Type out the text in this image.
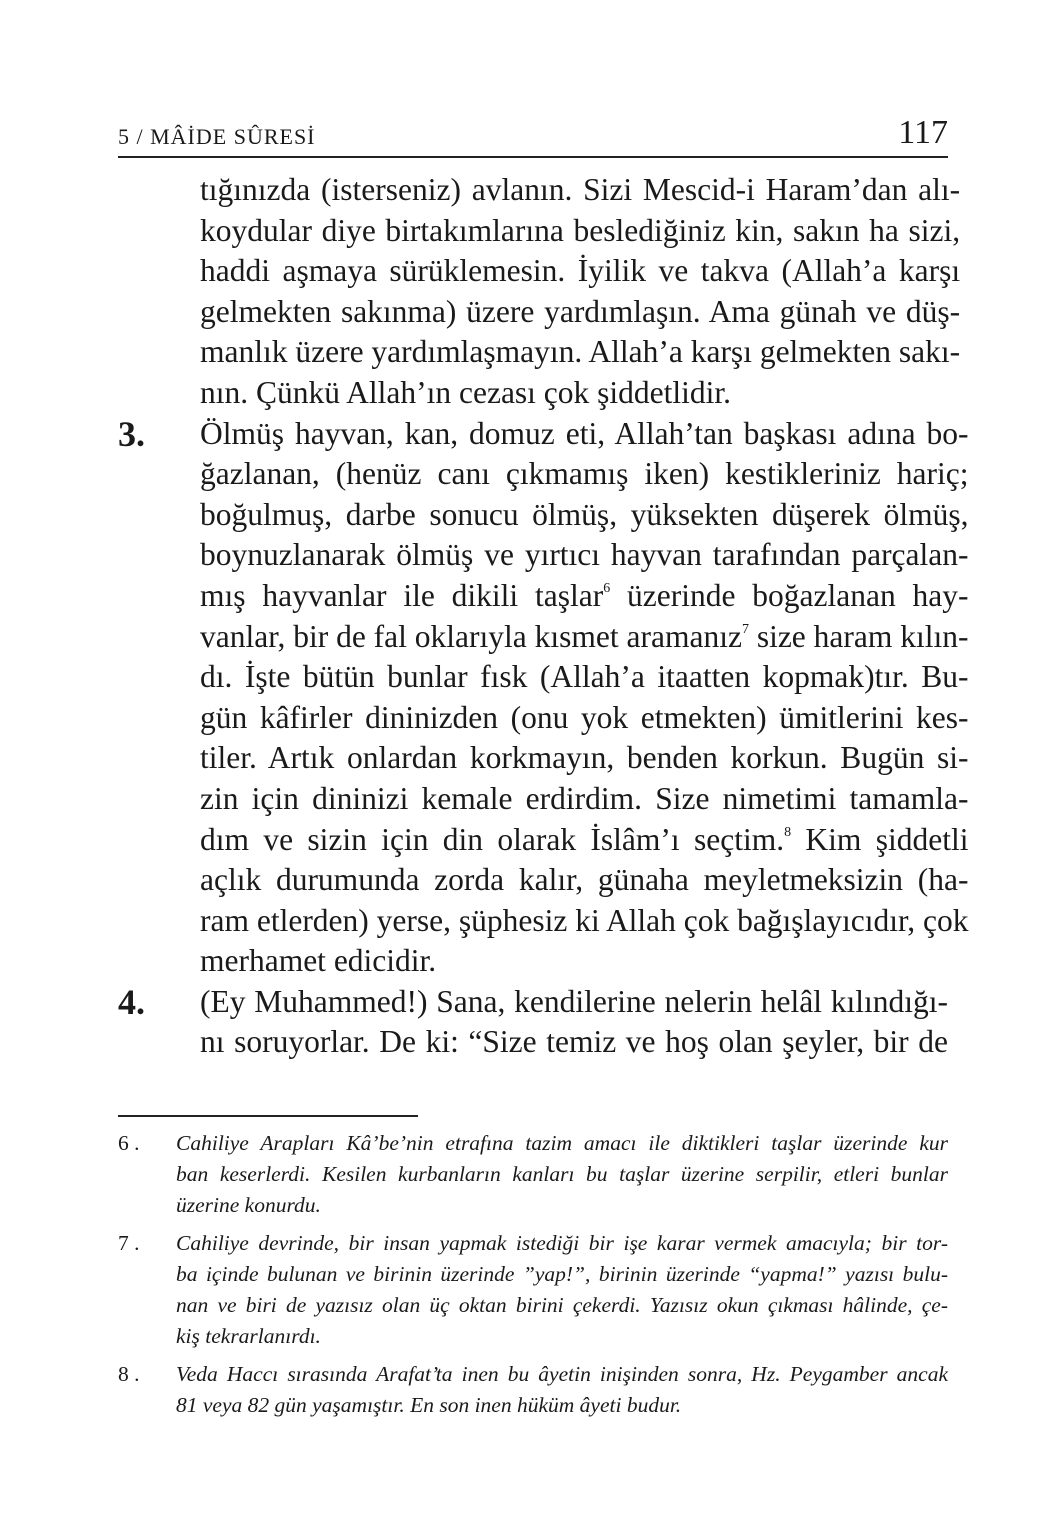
5 / MÂİDE SÛRESİ	117
tığınızda (isterseniz) avlanın. Sizi Mescid-i Haram’dan alı-
koydular diye birtakımlarına beslediğiniz kin, sakın ha sizi,
haddi aşmaya sürüklemesin. İyilik ve takva (Allah’a karşı
gelmekten sakınma) üzere yardımlaşın. Ama günah ve düş-
manlık üzere yardımlaşmayın. Allah’a karşı gelmekten sakı-
nın. Çünkü Allah’ın cezası çok şiddetlidir.
3.	Ölmüş hayvan, kan, domuz eti, Allah’tan başkası adına bo-
ğazlanan, (henüz canı çıkmamış iken) kestikleriniz hariç;
boğulmuş, darbe sonucu ölmüş, yüksekten düşerek ölmüş,
boynuzlanarak ölmüş ve yırtıcı hayvan tarafından parçalan-
mış hayvanlar ile dikili taşlar$^6$ üzerinde boğazlanan hay-
vanlar, bir de fal oklarıyla kısmet aramanız$^7$ size haram kılın-
dı. İşte bütün bunlar fısk (Allah’a itaatten kopmak)tır. Bu-
gün kâfirler dininizden (onu yok etmekten) ümitlerini kes-
tiler. Artık onlardan korkmayın, benden korkun. Bugün si-
zin için dininizi kemale erdirdim. Size nimetimi tamamla-
dım ve sizin için din olarak İslâm’ı seçtim.$^8$ Kim şiddetli
açlık durumunda zorda kalır, günaha meyletmeksizin (ha-
ram etlerden) yerse, şüphesiz ki Allah çok bağışlayıcıdır, çok
merhamet edicidir.
4.	(Ey Muhammed!) Sana, kendilerine nelerin helâl kılındığı-
nı soruyorlar. De ki: “Size temiz ve hoş olan şeyler, bir de
6 .	Cahiliye Arapları Kâ’be’nin etrafına tazim amacı ile diktikleri taşlar üzerinde kur
ban keserlerdi. Kesilen kurbanların kanları bu taşlar üzerine serpilir, etleri bunlar
üzerine konurdu.
7 .	Cahiliye devrinde, bir insan yapmak istediği bir işe karar vermek amacıyla; bir tor-
ba içinde bulunan ve birinin üzerinde ”yap!”, birinin üzerinde “yapma!” yazısı bulu-
nan ve biri de yazısız olan üç oktan birini çekerdi. Yazısız okun çıkması hâlinde, çe-
kiş tekrarlanırdı.
8 .	Veda Haccı sırasında Arafat’ta inen bu âyetin inişinden sonra, Hz. Peygamber ancak
81 veya 82 gün yaşamıştır. En son inen hüküm âyeti budur.
